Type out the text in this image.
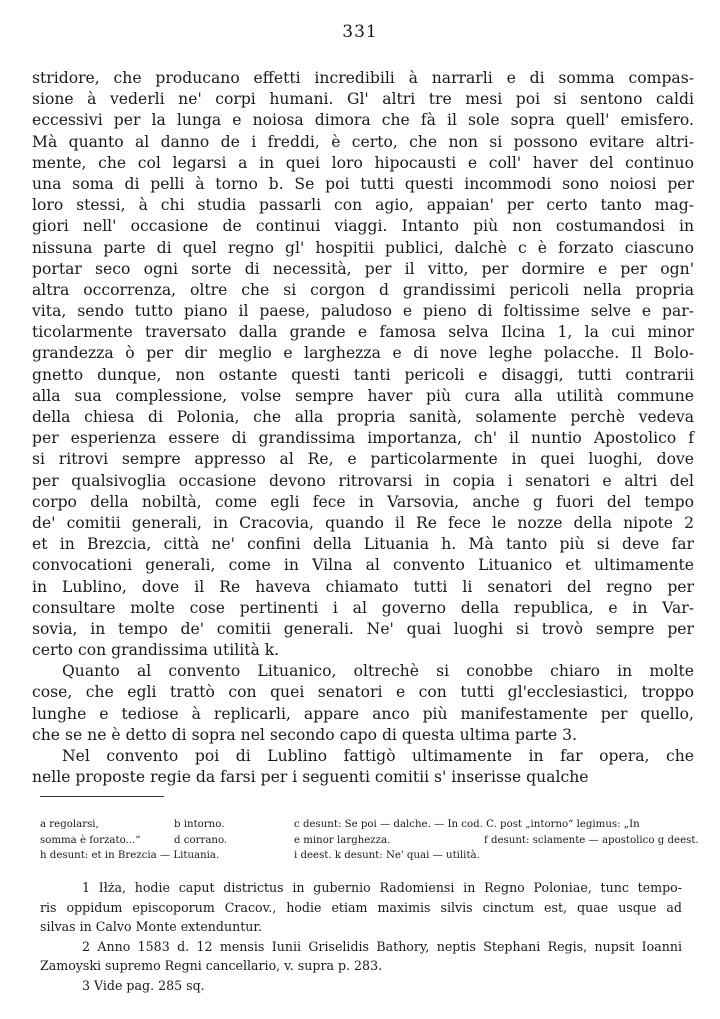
331
stridore, che producano effetti incredibili à narrarli e di somma compas-
sione à vederli ne' corpi humani. Gl' altri tre mesi poi si sentono caldi
eccessivi per la lunga e noiosa dimora che fà il sole sopra quell' emisfero.
Mà quanto al danno de i freddi, è certo, che non si possono evitare altri-
mente, che col legarsi a in quei loro hipocausti e coll' haver del continuo
una soma di pelli à torno b. Se poi tutti questi incommodi sono noiosi per
loro stessi, à chi studia passarli con agio, appaian' per certo tanto mag-
giori nell' occasione de continui viaggi. Intanto più non costumandosi in
nissuna parte di quel regno gl' hospitii publici, dalchè c è forzato ciascuno
portar seco ogni sorte di necessità, per il vitto, per dormire e per ogn'
altra occorrenza, oltre che si corgon d grandissimi pericoli nella propria
vita, sendo tutto piano il paese, paludoso e pieno di foltissime selve e par-
ticolarmente traversato dalla grande e famosa selva Ilcina 1, la cui minor
grandezza ò per dir meglio e larghezza e di nove leghe polacche. Il Bolo-
gnetto dunque, non ostante questi tanti pericoli e disaggi, tutti contrarii
alla sua complessione, volse sempre haver più cura alla utilità commune
della chiesa di Polonia, che alla propria sanità, solamente perchè vedeva
per esperienza essere di grandissima importanza, ch' il nuntio Apostolico f
si ritrovi sempre appresso al Re, e particolarmente in quei luoghi, dove
per qualsivoglia occasione devono ritrovarsi in copia i senatori e altri del
corpo della nobiltà, come egli fece in Varsovia, anche g fuori del tempo
de' comitii generali, in Cracovia, quando il Re fece le nozze della nipote 2
et in Brezcia, città ne' confini della Lituania h. Mà tanto più si deve far
convocationi generali, come in Vilna al convento Lituanico et ultimamente
in Lublino, dove il Re haveva chiamato tutti li senatori del regno per
consultare molte cose pertinenti i al governo della republica, e in Var-
sovia, in tempo de' comitii generali. Ne' quai luoghi si trovò sempre per
certo con grandissima utilità k.
Quanto al convento Lituanico, oltrechè si conobbe chiaro in molte
cose, che egli trattò con quei senatori e con tutti gl'ecclesiastici, troppo
lunghe e tediose à replicarli, appare anco più manifestamente per quello,
che se ne è detto di sopra nel secondo capo di questa ultima parte 3.
Nel convento poi di Lublino fattigò ultimamente in far opera, che
nelle proposte regie da farsi per i seguenti comitii s' inserisse qualche
a regolarsi,	b intorno.	c desunt: Se poi — dalche. — In cod. C. post „intorno“ legimus: „In
somma è forzato...“	d corrano.	e minor larghezza.	f desunt: sclamente — apostolico g deest.
h desunt: et in Brezcia — Lituania.	i deest. k desunt: Ne' quai — utilità.
1 Iłża, hodie caput districtus in gubernio Radomiensi in Regno Poloniae, tunc tempo-
ris oppidum episcoporum Cracov., hodie etiam maximis silvis cinctum est, quae usque ad
silvas in Calvo Monte extenduntur.
2 Anno 1583 d. 12 mensis Iunii Griselidis Bathory, neptis Stephani Regis, nupsit Ioanni
Zamoyski supremo Regni cancellario, v. supra p. 283.
3 Vide pag. 285 sq.
